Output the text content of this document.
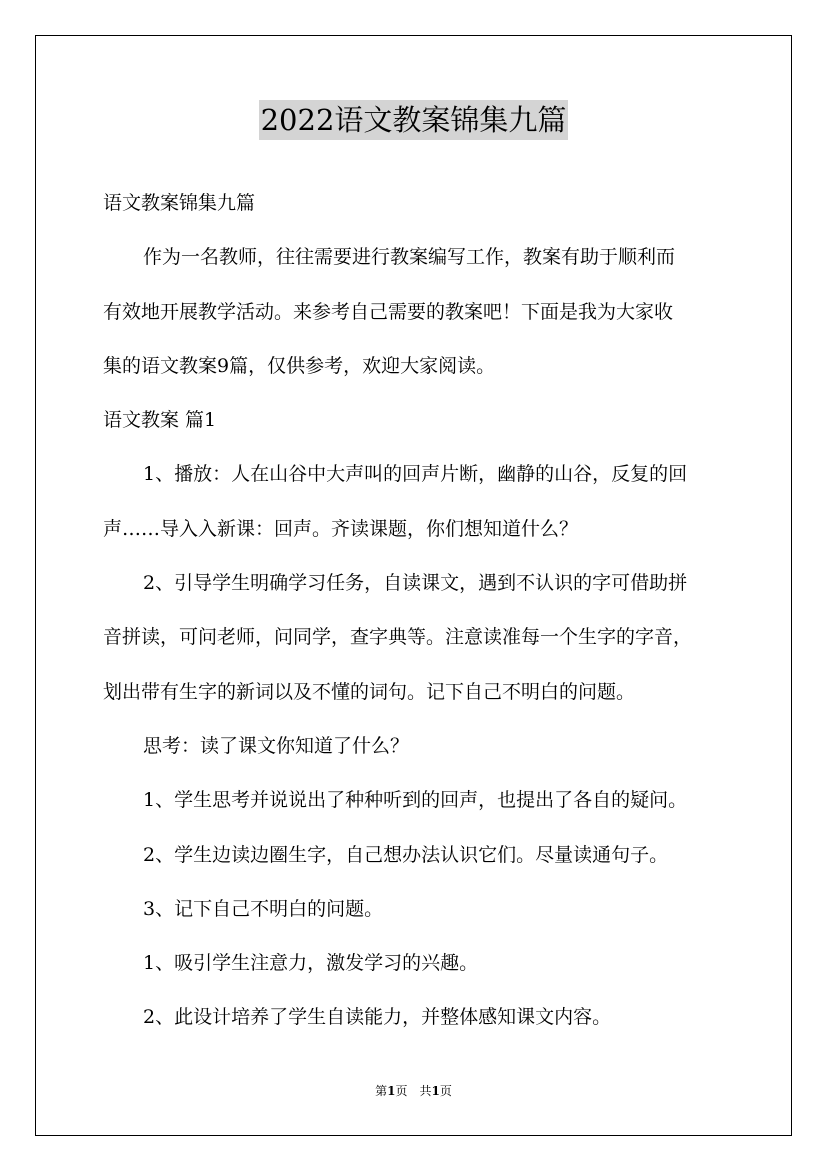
2022语文教案锦集九篇
语文教案锦集九篇
作为一名教师，往往需要进行教案编写工作，教案有助于顺利而
有效地开展教学活动。来参考自己需要的教案吧！下面是我为大家收
集的语文教案9篇，仅供参考，欢迎大家阅读。
语文教案 篇1
1、播放：人在山谷中大声叫的回声片断，幽静的山谷，反复的回
声……导入入新课：回声。齐读课题，你们想知道什么？
2、引导学生明确学习任务，自读课文，遇到不认识的字可借助拼
音拼读，可问老师，问同学，查字典等。注意读准每一个生字的字音，
划出带有生字的新词以及不懂的词句。记下自己不明白的问题。
思考：读了课文你知道了什么？
1、学生思考并说说出了种种听到的回声，也提出了各自的疑问。
2、学生边读边圈生字，自己想办法认识它们。尽量读通句子。
3、记下自己不明白的问题。
1、吸引学生注意力，激发学习的兴趣。
2、此设计培养了学生自读能力，并整体感知课文内容。
第1页　共1页
